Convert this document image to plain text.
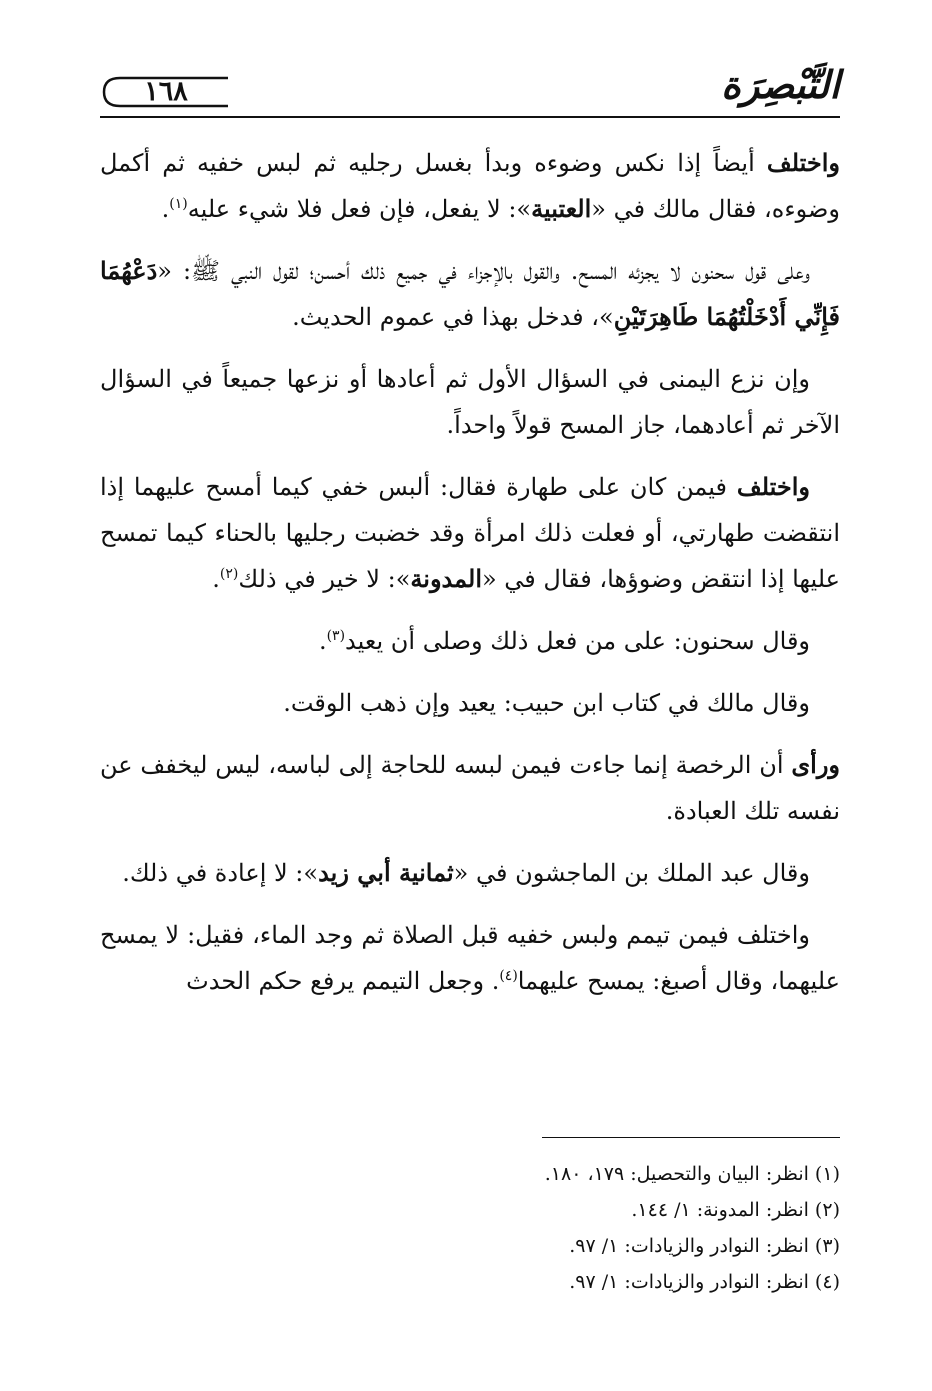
١٦٨	التَّبْصِرَة

واختلف أيضاً إذا نكس وضوءه وبدأ بغسل رجليه ثم لبس خفيه ثم أكمل وضوءه، فقال مالك في «العتبية»: لا يفعل، فإن فعل فلا شيء عليه$^{(١)}$.

وعلى قول سحنون لا يجزئه المسح. والقول بالإجزاء في جميع ذلك أحسن؛ لقول النبي ﷺ: «دَعْهُمَا فَإِنِّي أَدْخَلْتُهُمَا طَاهِرَتَيْنِ»، فدخل بهذا في عموم الحديث.

وإن نزع اليمنى في السؤال الأول ثم أعادها أو نزعها جميعاً في السؤال الآخر ثم أعادهما، جاز المسح قولاً واحداً.

واختلف فيمن كان على طهارة فقال: ألبس خفي كيما أمسح عليهما إذا انتقضت طهارتي، أو فعلت ذلك امرأة وقد خضبت رجليها بالحناء كيما تمسح عليها إذا انتقض وضوؤها، فقال في «المدونة»: لا خير في ذلك$^{(٢)}$.

وقال سحنون: على من فعل ذلك وصلى أن يعيد$^{(٣)}$.

وقال مالك في كتاب ابن حبيب: يعيد وإن ذهب الوقت.

ورأى أن الرخصة إنما جاءت فيمن لبسه للحاجة إلى لباسه، ليس ليخفف عن نفسه تلك العبادة.

وقال عبد الملك بن الماجشون في «ثمانية أبي زيد»: لا إعادة في ذلك.

واختلف فيمن تيمم ولبس خفيه قبل الصلاة ثم وجد الماء، فقيل: لا يمسح عليهما، وقال أصبغ: يمسح عليهما$^{(٤)}$. وجعل التيمم يرفع حكم الحدث

(١) انظر: البيان والتحصيل: ١٧٩، ١٨٠.

(٢) انظر: المدونة: ١/ ١٤٤.

(٣) انظر: النوادر والزيادات: ١/ ٩٧.

(٤) انظر: النوادر والزيادات: ١/ ٩٧.
